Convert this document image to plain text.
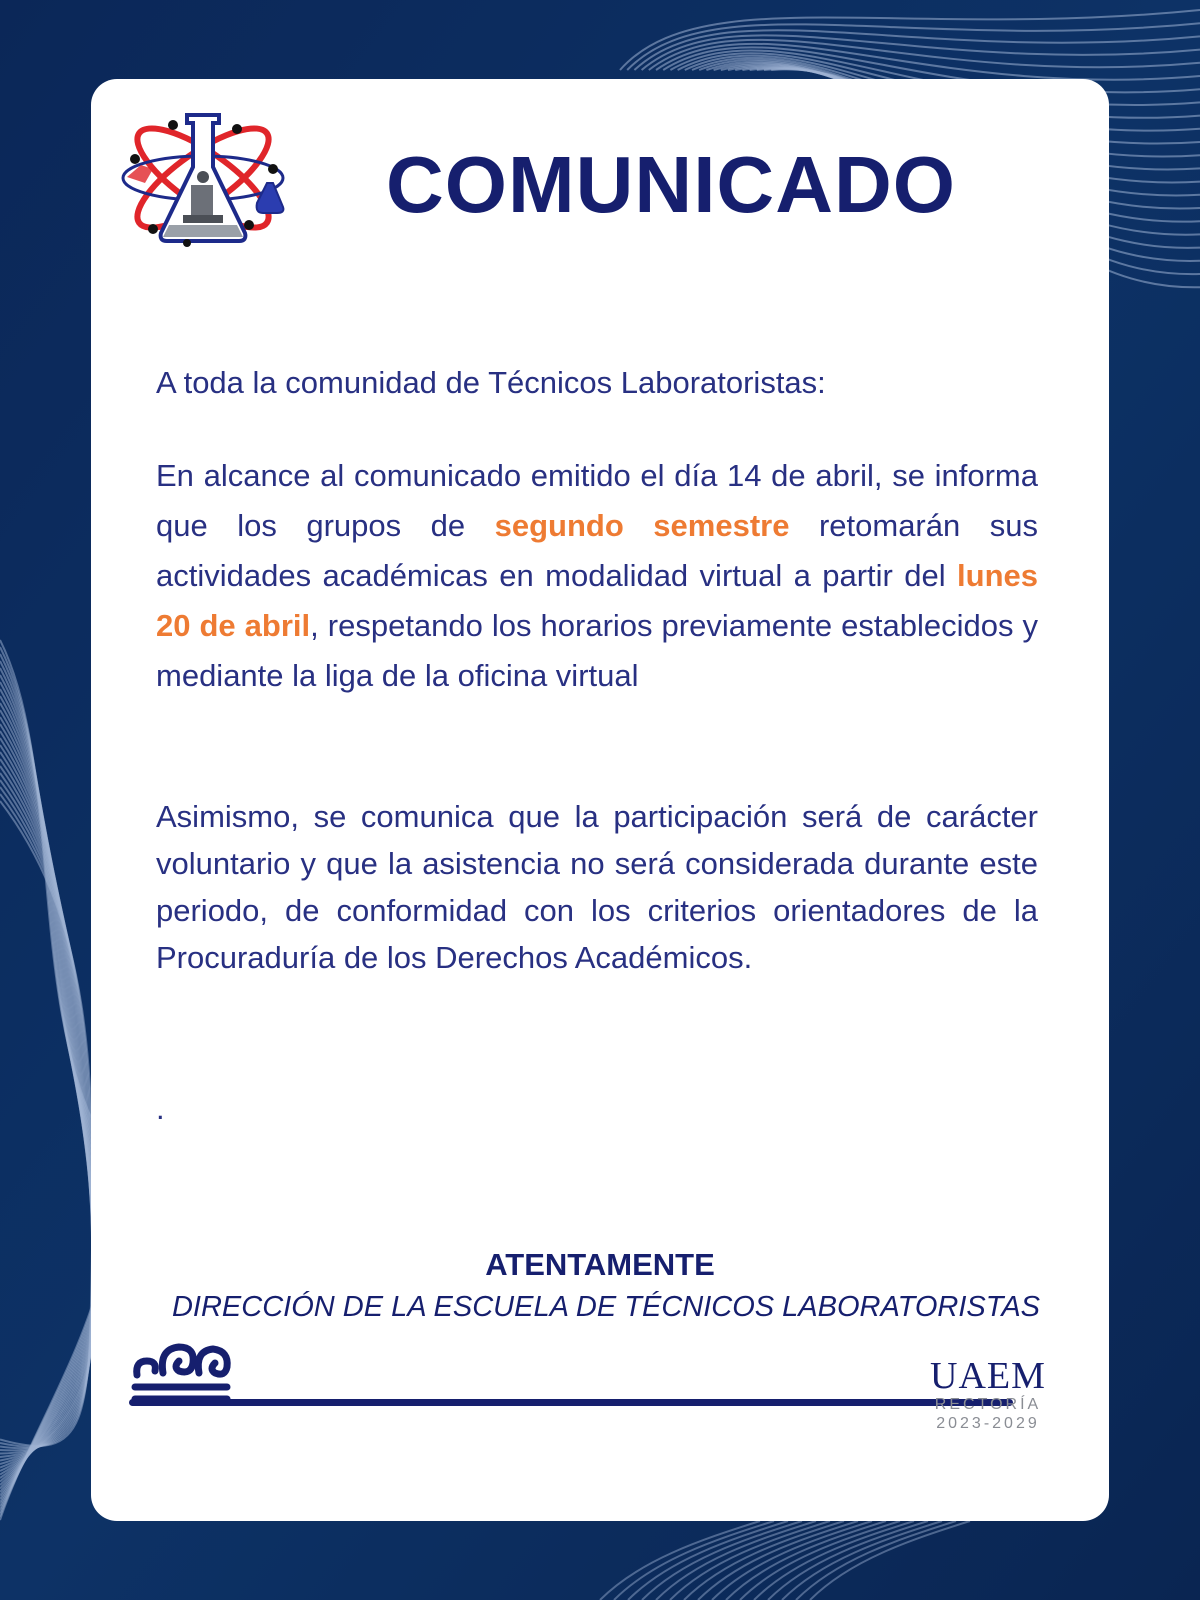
COMUNICADO

A toda la comunidad de Técnicos Laboratoristas:

En alcance al comunicado emitido el día 14 de abril, se informa que los grupos de segundo semestre retomarán sus actividades académicas en modalidad virtual a partir del lunes 20 de abril, respetando los horarios previamente establecidos y mediante la liga de la oficina virtual

Asimismo, se comunica que la participación será de carácter voluntario y que la asistencia no será considerada durante este periodo, de conformidad con los criterios orientadores de la Procuraduría de los Derechos Académicos.

.

ATENTAMENTE

DIRECCIÓN DE LA ESCUELA DE TÉCNICOS LABORATORISTAS

UAEM
RECTORÍA
2023-2029
